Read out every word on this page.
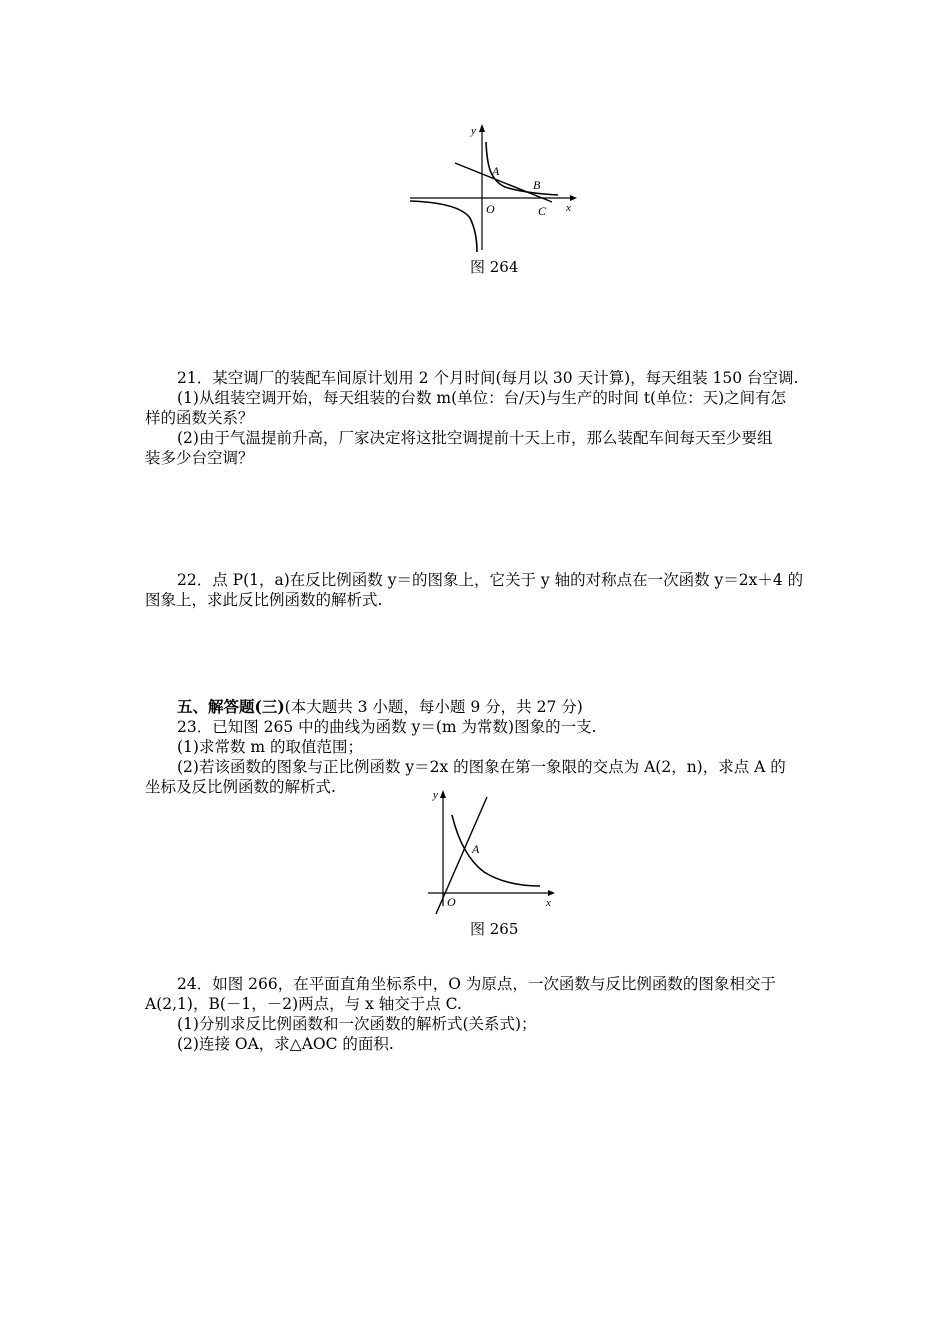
y
x
A
B
C
O
图 264
21．某空调厂的装配车间原计划用 2 个月时间(每月以 30 天计算)，每天组装 150 台空调.
(1)从组装空调开始，每天组装的台数 m(单位：台/天)与生产的时间 t(单位：天)之间有怎
样的函数关系？
(2)由于气温提前升高，厂家决定将这批空调提前十天上市，那么装配车间每天至少要组
装多少台空调？
22．点 P(1，a)在反比例函数 y＝的图象上，它关于 y 轴的对称点在一次函数 y＝2x＋4 的
图象上，求此反比例函数的解析式.
五、解答题(三)(本大题共 3 小题，每小题 9 分，共 27 分)
23．已知图 265 中的曲线为函数 y＝(m 为常数)图象的一支.
(1)求常数 m 的取值范围；
(2)若该函数的图象与正比例函数 y＝2x 的图象在第一象限的交点为 A(2，n)，求点 A 的
坐标及反比例函数的解析式.	y
x
A
O
图 265
24．如图 266，在平面直角坐标系中，O 为原点，一次函数与反比例函数的图象相交于
A(2,1)，B(－1，－2)两点，与 x 轴交于点 C.
(1)分别求反比例函数和一次函数的解析式(关系式)；
(2)连接 OA，求△AOC 的面积.
